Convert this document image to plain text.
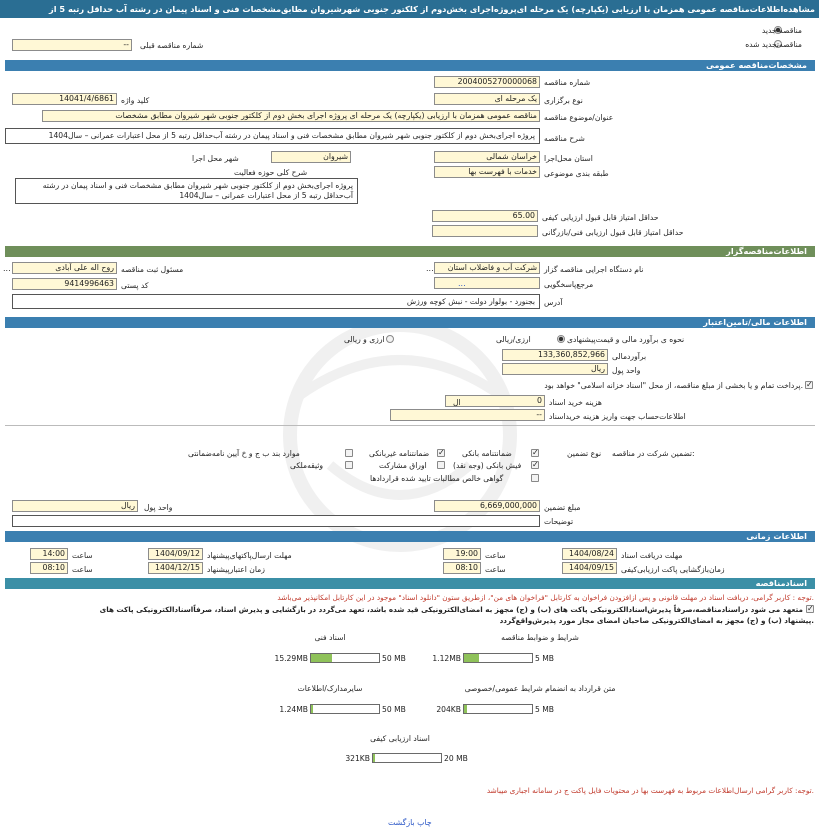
مشاهده‌اطلاعات‌مناقصه عمومی همزمان با ارزیابی (یکپارچه) یک مرحله ای‌پروژه‌اجرای بخش‌دوم از کلکتور جنوبی شهرشیروان مطابق‌مشخصات فنی و اسناد پیمان در رشته آب حداقل رتبه 5 از
مناقصه جدید
مناقصه‌تجدید شده
--	شماره مناقصه قبلی
مشخصات‌مناقصه عمومی
2004005270000068 شماره مناقصه
یک مرحله ای نوع برگزاری
14041/4/6861 کلید واژه
مناقصه عمومی همزمان با ارزیابی (یکپارچه) یک مرحله ای پروژه اجرای بخش دوم از کلکتور جنوبی شهر شیروان مطابق مشخصات عنوان/موضوع مناقصه
پروژه اجرای‌بخش دوم از کلکتور جنوبی شهر شیروان مطابق مشخصات فنی و اسناد پیمان در رشته آب‌حداقل رتبه 5 از محل اعتبارات عمرانی – سال1404	شرح مناقصه
خراسان شمالی استان محل‌اجرا
شیروان
شهر محل اجرا
خدمات با فهرست بها طبقه بندی موضوعی
شرح کلی حوزه فعالیت
پروژه اجرای‌بخش دوم از کلکتور جنوبی شهر شیروان مطابق مشخصات فنی و اسناد پیمان در رشته آب‌حداقل رتبه 5 از محل اعتبارات عمرانی – سال1404
65.00 حداقل امتیاز قابل قبول ارزیابی کیفی
حداقل امتیاز قابل قبول ارزیابی فنی/بازرگانی
اطلاعات‌مناقصه‌گزار
شرکت آب و فاضلاب استان نام دستگاه اجرایی مناقصه گزار
روح اله علی آبادی مسئول ثبت مناقصه
...	...
...	مرجع‌پاسخگویی
9414996463 کد پستی
بجنورد - بولوار دولت - نبش کوچه ورزش	آدرس
اطلاعات مالی/تامین‌اعتبار
نحوه ی برآورد مالی و قیمت‌پیشنهادی
ارزی/ریالی
ارزی و ریالی
133,360,852,966 برآوردمالی
ریال واحد پول
✓
پرداخت تمام و یا بخشی از مبلغ مناقصه، از محل "اسناد خزانه اسلامی" خواهد بود.
0
ال	هزینه خرید اسناد
-- اطلاعات‌حساب جهت واریز هزینه خریداسناد
تضمین شرکت در مناقصه:
نوع تضمین
✓
ضمانتنامه بانکی
✓
ضمانتنامه غیربانکی
موارد بند ب ج و خ آیین نامه‌ضمانتی
✓
فیش بانکی (وجه نقد)
اوراق مشارکت
وثیقه‌ملکی
گواهی خالص مطالبات تایید شده قراردادها
6,669,000,000 مبلغ تضمین
ریال	واحد پول
توضیحات
اطلاعات زمانی
1404/08/24 مهلت دریافت اسناد
19:00 ساعت
1404/09/12 مهلت ارسال‌پاکتهای‌پیشنهاد
14:00 ساعت
1404/09/15 زمان‌بازگشایی پاکت ارزیابی‌کیفی
08:10 ساعت
1404/12/15 زمان اعتبار‌پیشنهاد
08:10 ساعت
اسنادمناقصه
توجه : کاربر گرامی، دریافت اسناد در مهلت قانونی و پس ازافزودن فراخوان به کارتابل "فراخوان های من"، ازطریق ستون "دانلود اسناد" موجود در این کارتابل امکانپذیر می‌باشد.
✓
متعهد می شود دراسنادمناقصه،صرفاً پذیرش‌اسنادالکترونیکی پاکت های (ب) و (ج) مجهز به امضای‌الکترونیکی قید شده باشد، تعهد می‌گردد در بازگشایی و پذیرش اسناد، صرفاً‌اسنادالکترونیکی پاکت های
پیشنهاد (ب) و (ج) مجهز به امضای‌الکترونیکی صاحبان امضای مجاز مورد پذیرش‌واقع‌گردد.
شرایط و ضوابط مناقصه
1.12MB	5 MB
اسناد فنی
15.29MB	50 MB
متن قرارداد به انضمام شرایط عمومی/خصوصی
204KB	5 MB
سایرمدارک/اطلاعات
1.24MB	50 MB
اسناد ارزیابی کیفی
321KB	20 MB
توجه: کاربر گرامی ارسال‌اطلاعات مربوط به فهرست بها در محتویات فایل پاکت ج در سامانه اجباری میباشد.
چاپ بازگشت
